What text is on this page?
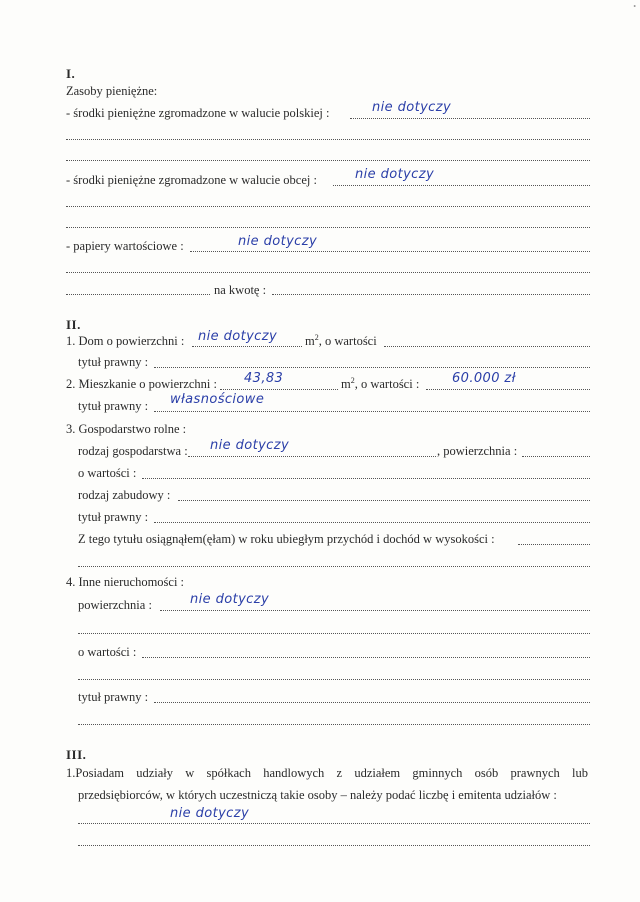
•
I.
Zasoby pieniężne:
- środki pieniężne zgromadzone w walucie polskiej :	nie dotyczy
- środki pieniężne zgromadzone w walucie obcej :	nie dotyczy
- papiery wartościowe :	nie dotyczy
na kwotę :
II.
1. Dom o powierzchni : nie dotyczy $m^2$, o wartości
tytuł prawny :
2. Mieszkanie o powierzchni : 43,83	$m^2$, o wartości :	60.000 zł
tytuł prawny : własnościowe
3. Gospodarstwo rolne :
rodzaj gospodarstwa : nie dotyczy	, powierzchnia :
o wartości :
rodzaj zabudowy :
tytuł prawny :
Z tego tytułu osiągnąłem(ęłam) w roku ubiegłym przychód i dochód w wysokości :
4. Inne nieruchomości :
powierzchnia :	nie dotyczy
o wartości :
tytuł prawny :
III.
1.Posiadam udziały w spółkach handlowych z udziałem gminnych osób prawnych lub
przedsiębiorców, w których uczestniczą takie osoby – należy podać liczbę i emitenta udziałów :
nie dotyczy
